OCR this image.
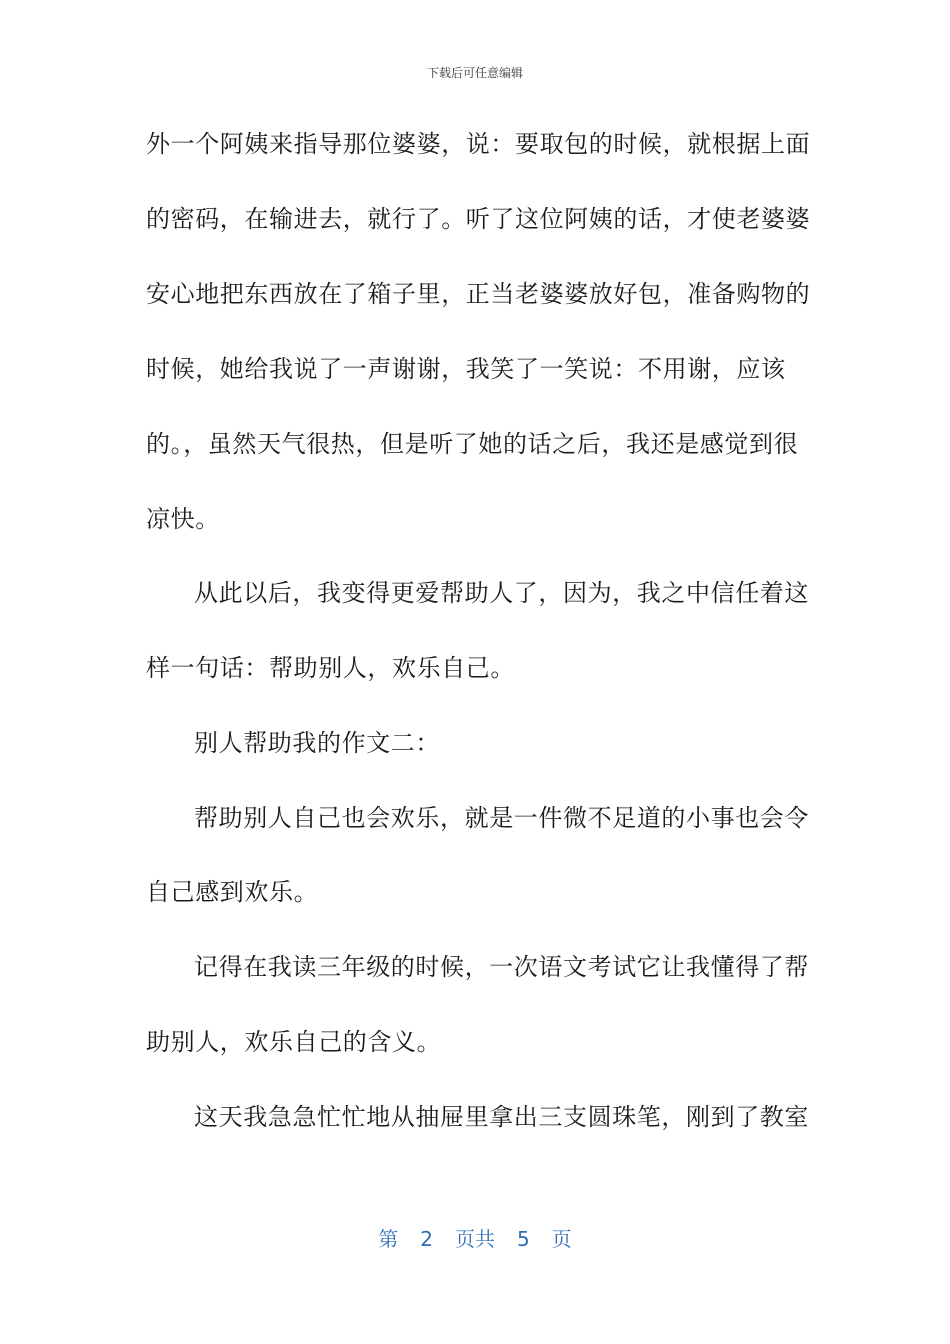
下载后可任意编辑
外一个阿姨来指导那位婆婆，说：要取包的时候，就根据上面
的密码，在输进去，就行了。听了这位阿姨的话，才使老婆婆
安心地把东西放在了箱子里，正当老婆婆放好包，准备购物的
时候，她给我说了一声谢谢，我笑了一笑说：不用谢，应该
的。，虽然天气很热，但是听了她的话之后，我还是感觉到很
凉快。
从此以后，我变得更爱帮助人了，因为，我之中信任着这
样一句话：帮助别人，欢乐自己。
别人帮助我的作文二：
帮助别人自己也会欢乐，就是一件微不足道的小事也会令
自己感到欢乐。
记得在我读三年级的时候，一次语文考试它让我懂得了帮
助别人，欢乐自己的含义。
这天我急急忙忙地从抽屉里拿出三支圆珠笔，刚到了教室
第 2 页共 5 页
